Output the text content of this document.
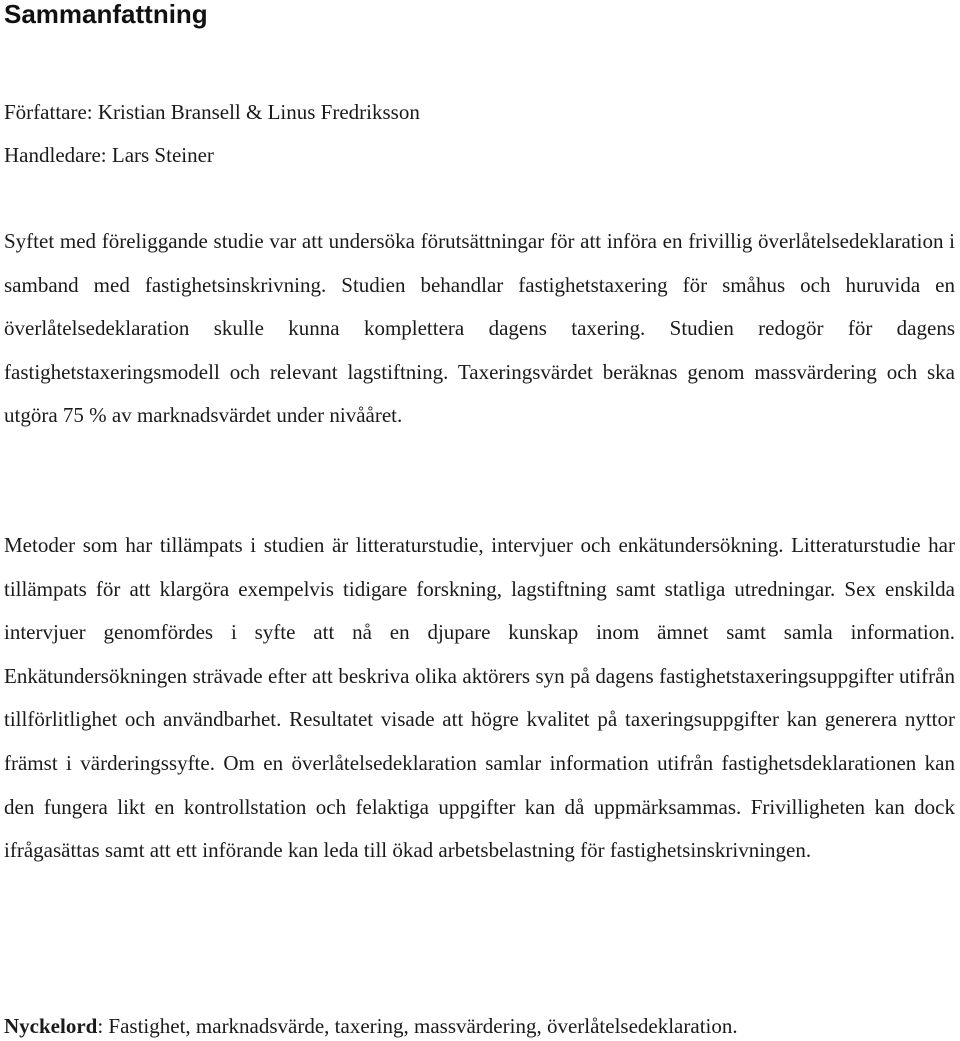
Sammanfattning
Författare: Kristian Bransell & Linus Fredriksson
Handledare: Lars Steiner

Syftet med föreliggande studie var att undersöka förutsättningar för att införa en frivillig överlåtelsedeklaration i samband med fastighetsinskrivning. Studien behandlar fastighetstaxering för småhus och huruvida en överlåtelsedeklaration skulle kunna komplettera dagens taxering. Studien redogör för dagens fastighetstaxeringsmodell och relevant lagstiftning. Taxeringsvärdet beräknas genom massvärdering och ska utgöra 75 % av marknadsvärdet under nivååret.

Metoder som har tillämpats i studien är litteraturstudie, intervjuer och enkätundersökning. Litteraturstudie har tillämpats för att klargöra exempelvis tidigare forskning, lagstiftning samt statliga utredningar. Sex enskilda intervjuer genomfördes i syfte att nå en djupare kunskap inom ämnet samt samla information. Enkätundersökningen strävade efter att beskriva olika aktörers syn på dagens fastighetstaxeringsuppgifter utifrån tillförlitlighet och användbarhet. Resultatet visade att högre kvalitet på taxeringsuppgifter kan generera nyttor främst i värderingssyfte. Om en överlåtelsedeklaration samlar information utifrån fastighetsdeklarationen kan den fungera likt en kontrollstation och felaktiga uppgifter kan då uppmärksammas. Frivilligheten kan dock ifrågasättas samt att ett införande kan leda till ökad arbetsbelastning för fastighetsinskrivningen.

Nyckelord: Fastighet, marknadsvärde, taxering, massvärdering, överlåtelsedeklaration.
